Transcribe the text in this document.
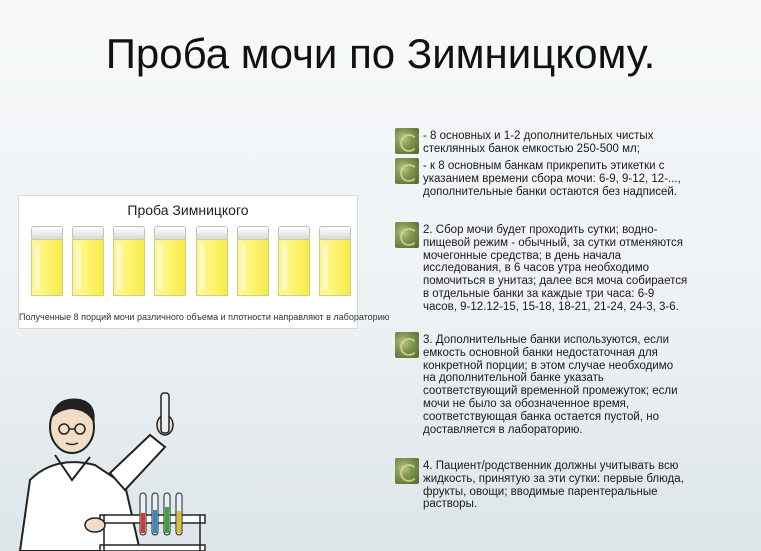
Проба мочи по Зимницкому.
Проба Зимницкого
Полученные 8 порций мочи различного объема и плотности направляют в лабораторию
- 8 основных и 1-2 дополнительных чистых
стеклянных банок емкостью 250-500 мл;
- к 8 основным банкам прикрепить этикетки с
указанием времени сбора мочи: 6-9, 9-12, 12-...,
дополнительные банки остаются без надписей.
2. Сбор мочи будет проходить сутки; водно-
пищевой режим - обычный, за сутки отменяются
мочегонные средства; в день начала
исследования, в 6 часов утра необходимо
помочиться в унитаз; далее вся моча собирается
в отдельные банки за каждые три часа: 6-9
часов, 9-12.12-15, 15-18, 18-21, 21-24, 24-3, 3-6.
3. Дополнительные банки используются, если
емкость основной банки недостаточная для
конкретной порции; в этом случае необходимо
на дополнительной банке указать
соответствующий временной промежуток; если
мочи не было за обозначенное время,
соответствующая банка остается пустой, но
доставляется в лабораторию.
4. Пациент/родственник должны учитывать всю
жидкость, принятую за эти сутки: первые блюда,
фрукты, овощи; вводимые парентеральные
растворы.
